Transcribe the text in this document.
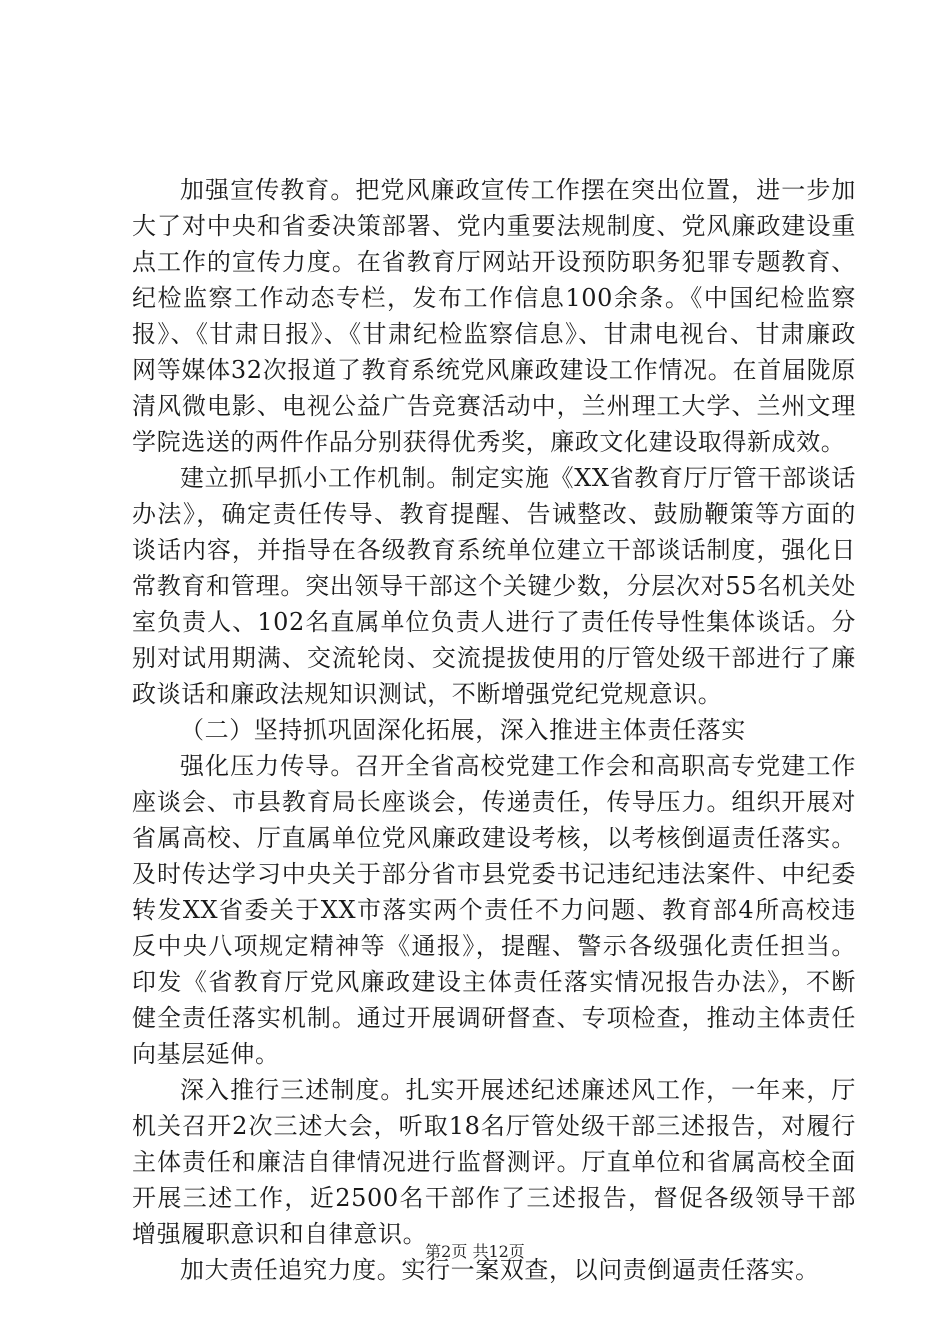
加强宣传教育。把党风廉政宣传工作摆在突出位置，进一步加大了对中央和省委决策部署、党内重要法规制度、党风廉政建设重点工作的宣传力度。在省教育厅网站开设预防职务犯罪专题教育、纪检监察工作动态专栏，发布工作信息100余条。《中国纪检监察报》、《甘肃日报》、《甘肃纪检监察信息》、甘肃电视台、甘肃廉政网等媒体32次报道了教育系统党风廉政建设工作情况。在首届陇原清风微电影、电视公益广告竞赛活动中，兰州理工大学、兰州文理学院选送的两件作品分别获得优秀奖，廉政文化建设取得新成效。

建立抓早抓小工作机制。制定实施《XX省教育厅厅管干部谈话办法》，确定责任传导、教育提醒、告诫整改、鼓励鞭策等方面的谈话内容，并指导在各级教育系统单位建立干部谈话制度，强化日常教育和管理。突出领导干部这个关键少数，分层次对55名机关处室负责人、102名直属单位负责人进行了责任传导性集体谈话。分别对试用期满、交流轮岗、交流提拔使用的厅管处级干部进行了廉政谈话和廉政法规知识测试，不断增强党纪党规意识。

（二）坚持抓巩固深化拓展，深入推进主体责任落实

强化压力传导。召开全省高校党建工作会和高职高专党建工作座谈会、市县教育局长座谈会，传递责任，传导压力。组织开展对省属高校、厅直属单位党风廉政建设考核，以考核倒逼责任落实。及时传达学习中央关于部分省市县党委书记违纪违法案件、中纪委转发XX省委关于XX市落实两个责任不力问题、教育部4所高校违反中央八项规定精神等《通报》，提醒、警示各级强化责任担当。印发《省教育厅党风廉政建设主体责任落实情况报告办法》，不断健全责任落实机制。通过开展调研督查、专项检查，推动主体责任向基层延伸。

深入推行三述制度。扎实开展述纪述廉述风工作，一年来，厅机关召开2次三述大会，听取18名厅管处级干部三述报告，对履行主体责任和廉洁自律情况进行监督测评。厅直单位和省属高校全面开展三述工作，近2500名干部作了三述报告，督促各级领导干部增强履职意识和自律意识。

加大责任追究力度。实行一案双查，以问责倒逼责任落实。

第2页 共12页
